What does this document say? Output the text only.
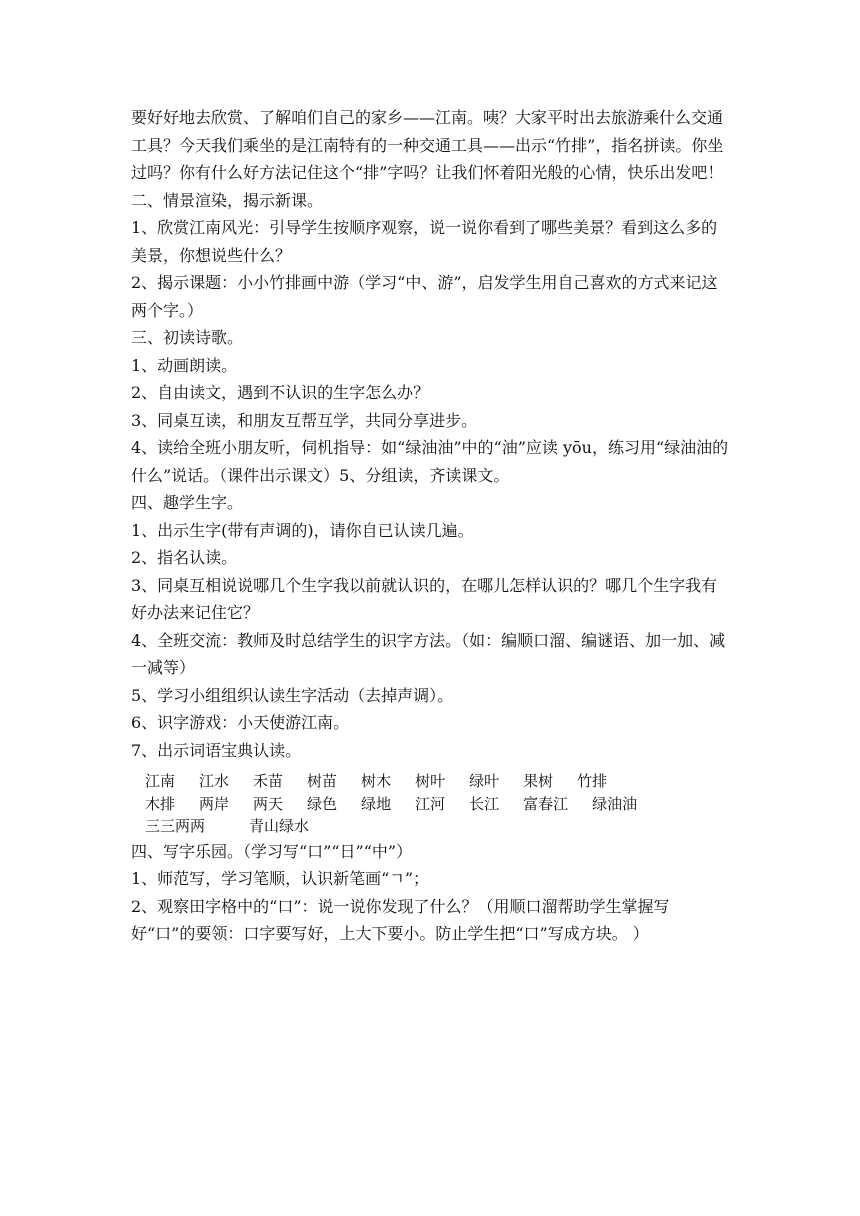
要好好地去欣赏、了解咱们自己的家乡——江南。咦？大家平时出去旅游乘什么交通工具？今天我们乘坐的是江南特有的一种交通工具——出示“竹排”，指名拼读。你坐过吗？你有什么好方法记住这个“排”字吗？让我们怀着阳光般的心情，快乐出发吧！

二、情景渲染，揭示新课。

1、欣赏江南风光：引导学生按顺序观察，说一说你看到了哪些美景？看到这么多的美景，你想说些什么？

2、揭示课题：小小竹排画中游（学习“中、游”，启发学生用自己喜欢的方式来记这两个字。）

三、初读诗歌。

1、动画朗读。

2、自由读文，遇到不认识的生字怎么办？

3、同桌互读，和朋友互帮互学，共同分享进步。

4、读给全班小朋友听，伺机指导：如“绿油油”中的“油”应读 yōu，练习用“绿油油的什么”说话。（课件出示课文）5、分组读，齐读课文。

四、趣学生字。

1、出示生字(带有声调的)，请你自已认读几遍。

2、指名认读。

3、同桌互相说说哪几个生字我以前就认识的，在哪儿怎样认识的？哪几个生字我有好办法来记住它？

4、全班交流：教师及时总结学生的识字方法。（如：编顺口溜、编谜语、加一加、减一减等）

5、学习小组组织认读生字活动（去掉声调）。

6、识字游戏：小天使游江南。

7、出示词语宝典认读。

江南 江水 禾苗 树苗 树木 树叶 绿叶 果树 竹排
木排 两岸 两天 绿色 绿地 江河 长江 富春江 绿油油
三三两两	青山绿水

四、写字乐园。（学习写“口”“日”“中”）

1、师范写，学习笔顺，认识新笔画“ㄱ”；

2、观察田字格中的“口”：说一说你发现了什么？（用顺口溜帮助学生掌握写好“口”的要领：口字要写好，上大下要小。防止学生把“口”写成方块。 ）
